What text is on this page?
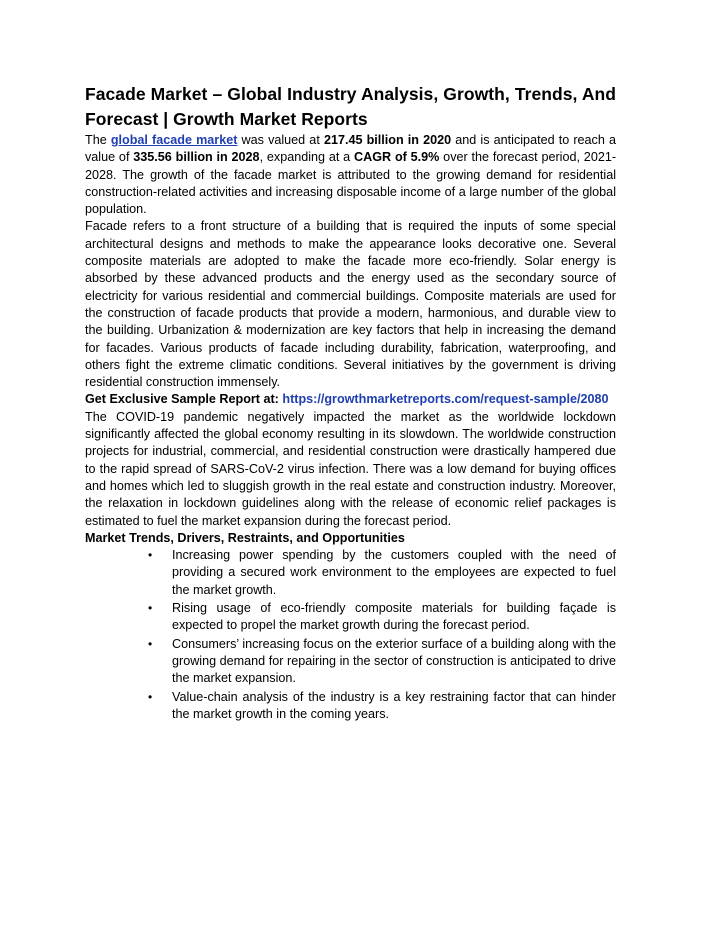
Facade Market – Global Industry Analysis, Growth, Trends, And Forecast | Growth Market Reports

The global facade market was valued at 217.45 billion in 2020 and is anticipated to reach a value of 335.56 billion in 2028, expanding at a CAGR of 5.9% over the forecast period, 2021-2028. The growth of the facade market is attributed to the growing demand for residential construction-related activities and increasing disposable income of a large number of the global population.

Facade refers to a front structure of a building that is required the inputs of some special architectural designs and methods to make the appearance looks decorative one. Several composite materials are adopted to make the facade more eco-friendly. Solar energy is absorbed by these advanced products and the energy used as the secondary source of electricity for various residential and commercial buildings. Composite materials are used for the construction of facade products that provide a modern, harmonious, and durable view to the building. Urbanization & modernization are key factors that help in increasing the demand for facades. Various products of facade including durability, fabrication, waterproofing, and others fight the extreme climatic conditions. Several initiatives by the government is driving residential construction immensely.

Get Exclusive Sample Report at: https://growthmarketreports.com/request-sample/2080

The COVID-19 pandemic negatively impacted the market as the worldwide lockdown significantly affected the global economy resulting in its slowdown. The worldwide construction projects for industrial, commercial, and residential construction were drastically hampered due to the rapid spread of SARS-CoV-2 virus infection. There was a low demand for buying offices and homes which led to sluggish growth in the real estate and construction industry. Moreover, the relaxation in lockdown guidelines along with the release of economic relief packages is estimated to fuel the market expansion during the forecast period.

Market Trends, Drivers, Restraints, and Opportunities

• Increasing power spending by the customers coupled with the need of providing a secured work environment to the employees are expected to fuel the market growth.
• Rising usage of eco-friendly composite materials for building façade is expected to propel the market growth during the forecast period.
• Consumers’ increasing focus on the exterior surface of a building along with the growing demand for repairing in the sector of construction is anticipated to drive the market expansion.
• Value-chain analysis of the industry is a key restraining factor that can hinder the market growth in the coming years.
